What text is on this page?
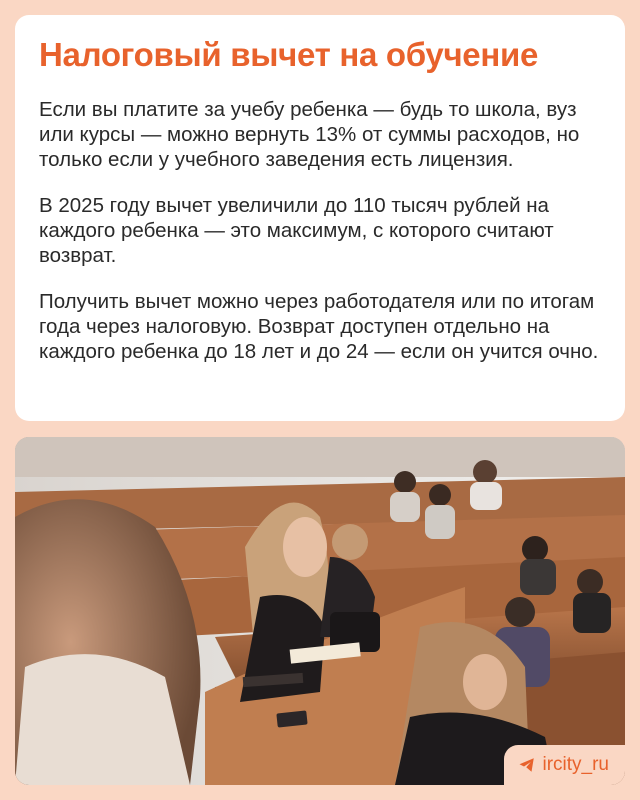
Налоговый вычет на обучение

Если вы платите за учебу ребенка — будь то школа, вуз или курсы — можно вернуть 13% от суммы расходов, но только если у учебного заведения есть лицензия.

В 2025 году вычет увеличили до 110 тысяч рублей на каждого ребенка — это максимум, с которого считают возврат.

Получить вычет можно через работодателя или по итогам года через налоговую. Возврат доступен отдельно на каждого ребенка до 18 лет и до 24 — если он учится очно.

ircity_ru
